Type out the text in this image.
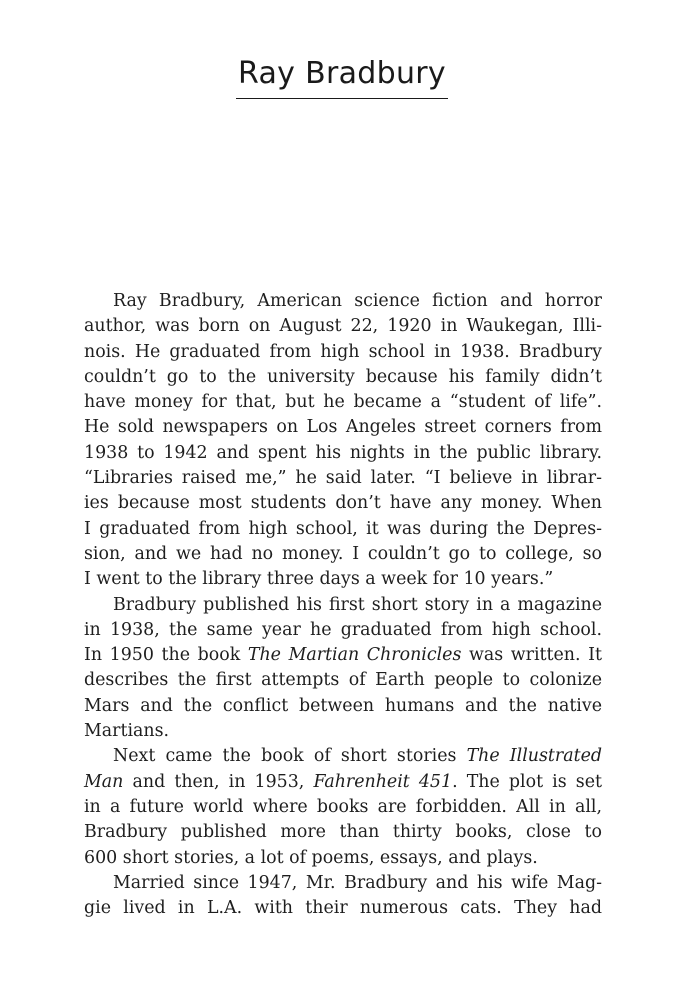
Ray Bradbury
Ray Bradbury, American science fiction and horror
author, was born on August 22, 1920 in Waukegan, Illi-
nois. He graduated from high school in 1938. Bradbury
couldn’t go to the university because his family didn’t
have money for that, but he became a “student of life”.
He sold newspapers on Los Angeles street corners from
1938 to 1942 and spent his nights in the public library.
“Libraries raised me,” he said later. “I believe in librar-
ies because most students don’t have any money. When
I graduated from high school, it was during the Depres-
sion, and we had no money. I couldn’t go to college, so
I went to the library three days a week for 10 years.”
Bradbury published his first short story in a magazine
in 1938, the same year he graduated from high school.
In 1950 the book The Martian Chronicles was written. It
describes the first attempts of Earth people to colonize
Mars and the conflict between humans and the native
Martians.
Next came the book of short stories The Illustrated
Man and then, in 1953, Fahrenheit 451. The plot is set
in a future world where books are forbidden. All in all,
Bradbury published more than thirty books, close to
600 short stories, a lot of poems, essays, and plays.
Married since 1947, Mr. Bradbury and his wife Mag-
gie lived in L.A. with their numerous cats. They had
